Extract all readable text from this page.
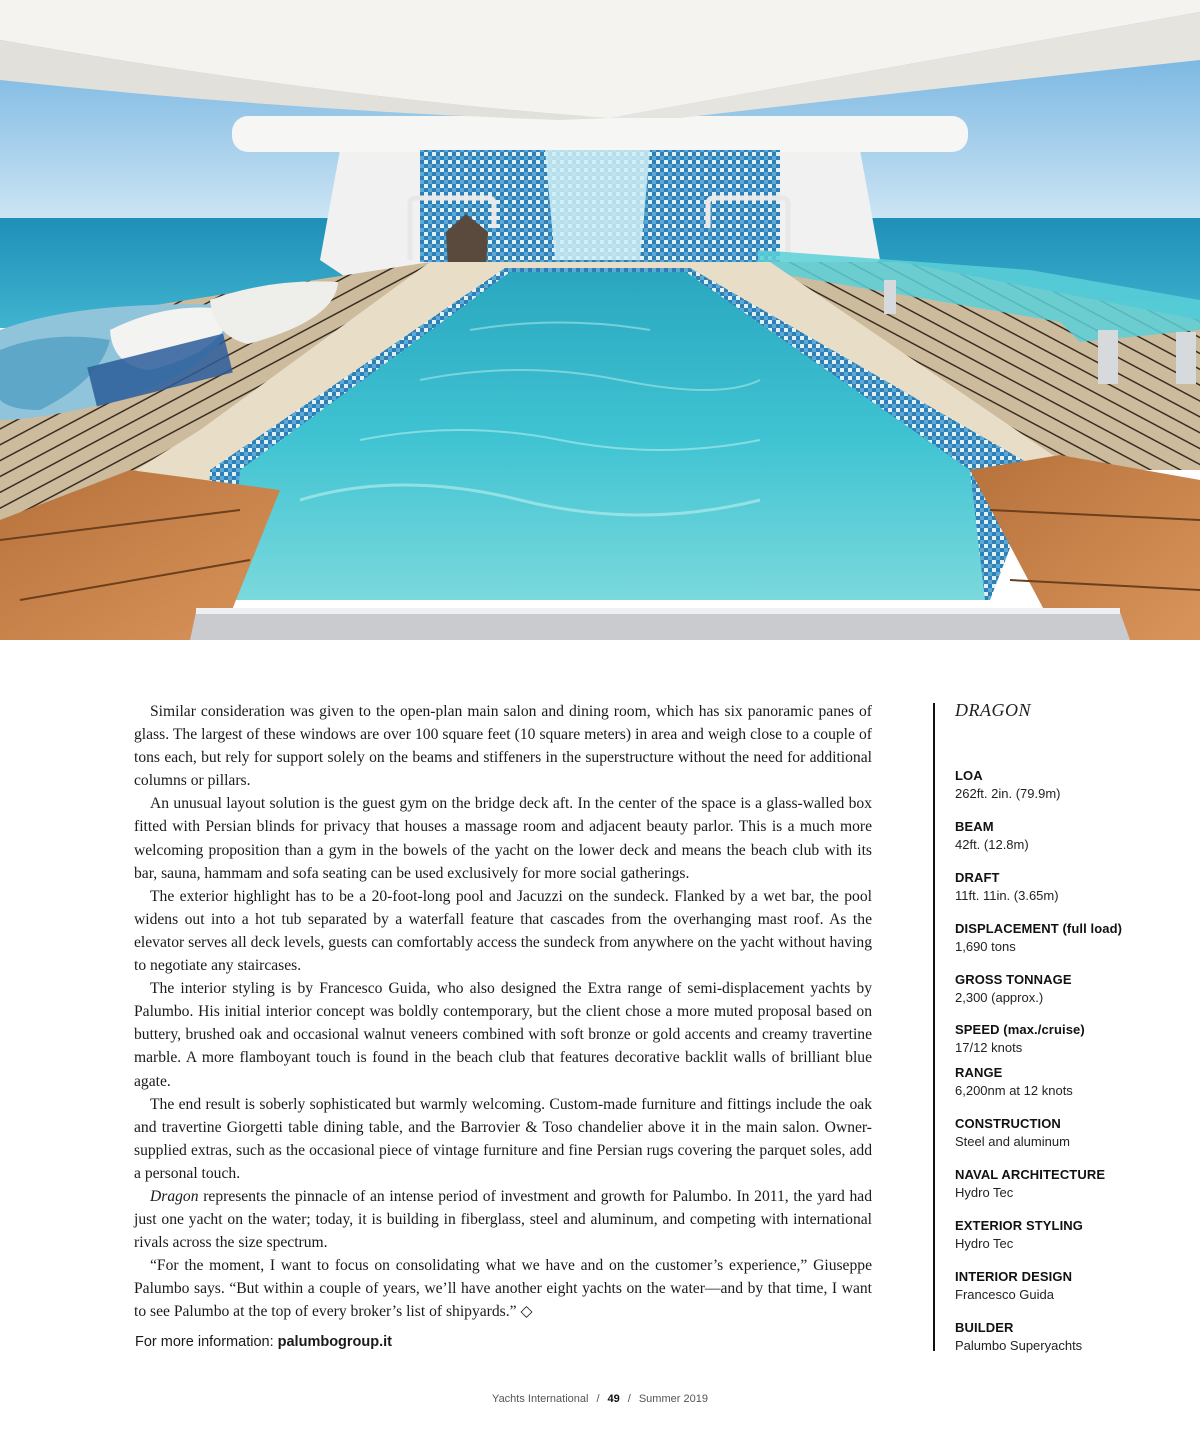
Similar consideration was given to the open-plan main salon and dining room, which has six panoramic panes of glass. The largest of these windows are over 100 square feet (10 square meters) in area and weigh close to a couple of tons each, but rely for support solely on the beams and stiffeners in the superstructure without the need for additional columns or pillars.

An unusual layout solution is the guest gym on the bridge deck aft. In the center of the space is a glass-walled box fitted with Persian blinds for privacy that houses a massage room and adjacent beauty parlor. This is a much more welcoming proposition than a gym in the bowels of the yacht on the lower deck and means the beach club with its bar, sauna, hammam and sofa seating can be used exclusively for more social gatherings.

The exterior highlight has to be a 20-foot-long pool and Jacuzzi on the sundeck. Flanked by a wet bar, the pool widens out into a hot tub separated by a waterfall feature that cascades from the overhanging mast roof. As the elevator serves all deck levels, guests can comfortably access the sundeck from anywhere on the yacht without having to negotiate any staircases.

The interior styling is by Francesco Guida, who also designed the Extra range of semi-displacement yachts by Palumbo. His initial interior concept was boldly contemporary, but the client chose a more muted proposal based on buttery, brushed oak and occasional walnut veneers combined with soft bronze or gold accents and creamy travertine marble. A more flamboyant touch is found in the beach club that features decorative backlit walls of brilliant blue agate.

The end result is soberly sophisticated but warmly welcoming. Custom-made furniture and fittings include the oak and travertine Giorgetti table dining table, and the Barrovier & Toso chandelier above it in the main salon. Owner-supplied extras, such as the occasional piece of vintage furniture and fine Persian rugs covering the parquet soles, add a personal touch.

Dragon represents the pinnacle of an intense period of investment and growth for Palumbo. In 2011, the yard had just one yacht on the water; today, it is building in fiberglass, steel and aluminum, and competing with international rivals across the size spectrum.

“For the moment, I want to focus on consolidating what we have and on the customer’s experience,” Giuseppe Palumbo says. “But within a couple of years, we’ll have another eight yachts on the water—and by that time, I want to see Palumbo at the top of every broker’s list of shipyards.” ◇

For more information: palumbogroup.it
DRAGON
LOA
262ft. 2in. (79.9m)
BEAM
42ft. (12.8m)
DRAFT
11ft. 11in. (3.65m)
DISPLACEMENT (full load)
1,690 tons
GROSS TONNAGE
2,300 (approx.)
SPEED (max./cruise)
17/12 knots
RANGE
6,200nm at 12 knots
CONSTRUCTION
Steel and aluminum
NAVAL ARCHITECTURE
Hydro Tec
EXTERIOR STYLING
Hydro Tec
INTERIOR DESIGN
Francesco Guida
BUILDER
Palumbo Superyachts
Yachts International / 49 / Summer 2019
